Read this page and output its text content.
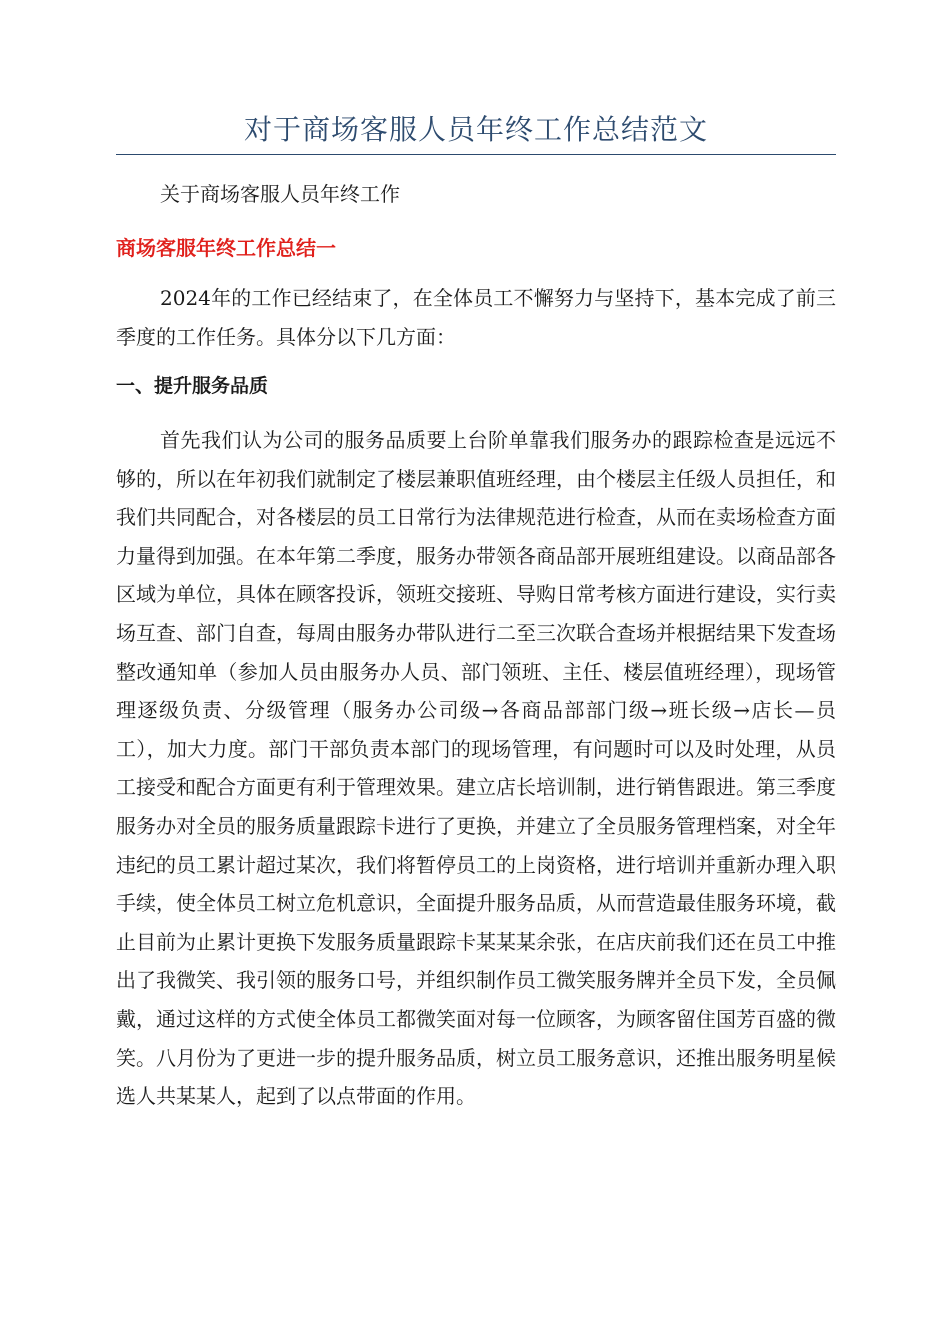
对于商场客服人员年终工作总结范文

关于商场客服人员年终工作

商场客服年终工作总结一

2024年的工作已经结束了，在全体员工不懈努力与坚持下，基本完成了前三季度的工作任务。具体分以下几方面：

一、提升服务品质

首先我们认为公司的服务品质要上台阶单靠我们服务办的跟踪检查是远远不够的，所以在年初我们就制定了楼层兼职值班经理，由个楼层主任级人员担任，和我们共同配合，对各楼层的员工日常行为法律规范进行检查，从而在卖场检查方面力量得到加强。在本年第二季度，服务办带领各商品部开展班组建设。以商品部各区域为单位，具体在顾客投诉，领班交接班、导购日常考核方面进行建设，实行卖场互查、部门自查，每周由服务办带队进行二至三次联合查场并根据结果下发查场整改通知单（参加人员由服务办人员、部门领班、主任、楼层值班经理），现场管理逐级负责、分级管理（服务办公司级→各商品部部门级→班长级→店长—员工），加大力度。部门干部负责本部门的现场管理，有问题时可以及时处理，从员工接受和配合方面更有利于管理效果。建立店长培训制，进行销售跟进。第三季度服务办对全员的服务质量跟踪卡进行了更换，并建立了全员服务管理档案，对全年违纪的员工累计超过某次，我们将暂停员工的上岗资格，进行培训并重新办理入职手续，使全体员工树立危机意识，全面提升服务品质，从而营造最佳服务环境，截止目前为止累计更换下发服务质量跟踪卡某某某余张，在店庆前我们还在员工中推出了我微笑、我引领的服务口号，并组织制作员工微笑服务牌并全员下发，全员佩戴，通过这样的方式使全体员工都微笑面对每一位顾客，为顾客留住国芳百盛的微笑。八月份为了更进一步的提升服务品质，树立员工服务意识，还推出服务明星候选人共某某人，起到了以点带面的作用。
